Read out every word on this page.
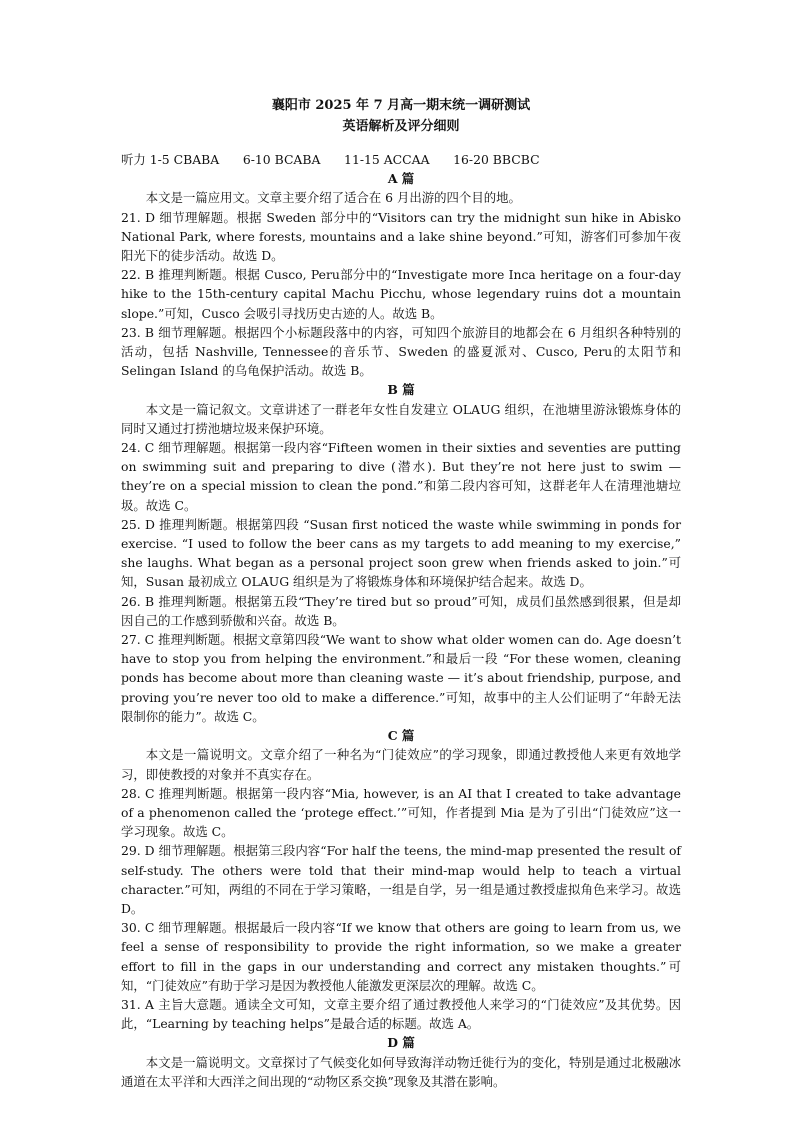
襄阳市 2025 年 7 月高一期末统一调研测试

英语解析及评分细则

听力 1-5 CBABA      6-10 BCABA      11-15 ACCAA      16-20 BBCBC

A 篇

本文是一篇应用文。文章主要介绍了适合在 6 月出游的四个目的地。

21. D 细节理解题。根据 Sweden 部分中的“Visitors can try the midnight sun hike in Abisko National Park, where forests, mountains and a lake shine beyond.”可知，游客们可参加午夜阳光下的徒步活动。故选 D。

22. B 推理判断题。根据 Cusco, Peru部分中的“Investigate more Inca heritage on a four-day hike to the 15th-century capital Machu Picchu, whose legendary ruins dot a mountain slope.”可知，Cusco 会吸引寻找历史古迹的人。故选 B。

23. B 细节理解题。根据四个小标题段落中的内容，可知四个旅游目的地都会在 6 月组织各种特别的活动，包括 Nashville, Tennessee的音乐节、Sweden 的盛夏派对、Cusco, Peru的太阳节和 Selingan Island 的乌龟保护活动。故选 B。

B 篇

本文是一篇记叙文。文章讲述了一群老年女性自发建立 OLAUG 组织，在池塘里游泳锻炼身体的同时又通过打捞池塘垃圾来保护环境。

24. C 细节理解题。根据第一段内容“Fifteen women in their sixties and seventies are putting on swimming suit and preparing to dive (潜水). But they’re not here just to swim — they’re on a special mission to clean the pond.”和第二段内容可知，这群老年人在清理池塘垃圾。故选 C。

25. D 推理判断题。根据第四段 “Susan first noticed the waste while swimming in ponds for exercise. “I used to follow the beer cans as my targets to add meaning to my exercise,” she laughs. What began as a personal project soon grew when friends asked to join.”可知，Susan 最初成立 OLAUG 组织是为了将锻炼身体和环境保护结合起来。故选 D。

26. B 推理判断题。根据第五段“They’re tired but so proud”可知，成员们虽然感到很累，但是却因自己的工作感到骄傲和兴奋。故选 B。

27. C 推理判断题。根据文章第四段“We want to show what older women can do. Age doesn’t have to stop you from helping the environment.”和最后一段 “For these women, cleaning ponds has become about more than cleaning waste — it’s about friendship, purpose, and proving you’re never too old to make a difference.”可知，故事中的主人公们证明了“年龄无法限制你的能力”。故选 C。

C 篇

本文是一篇说明文。文章介绍了一种名为“门徒效应”的学习现象，即通过教授他人来更有效地学习，即使教授的对象并不真实存在。

28. C 推理判断题。根据第一段内容“Mia, however, is an AI that I created to take advantage of a phenomenon called the ‘protege effect.’”可知，作者提到 Mia 是为了引出“门徒效应”这一学习现象。故选 C。

29. D 细节理解题。根据第三段内容“For half the teens, the mind-map presented the result of self-study. The others were told that their mind-map would help to teach a virtual character.”可知，两组的不同在于学习策略，一组是自学，另一组是通过教授虚拟角色来学习。故选 D。

30. C 细节理解题。根据最后一段内容“If we know that others are going to learn from us, we feel a sense of responsibility to provide the right information, so we make a greater effort to fill in the gaps in our understanding and correct any mistaken thoughts.”可知，“门徒效应”有助于学习是因为教授他人能激发更深层次的理解。故选 C。

31. A 主旨大意题。通读全文可知，文章主要介绍了通过教授他人来学习的“门徒效应”及其优势。因此，“Learning by teaching helps”是最合适的标题。故选 A。

D 篇

本文是一篇说明文。文章探讨了气候变化如何导致海洋动物迁徙行为的变化，特别是通过北极融冰通道在太平洋和大西洋之间出现的“动物区系交换”现象及其潜在影响。
